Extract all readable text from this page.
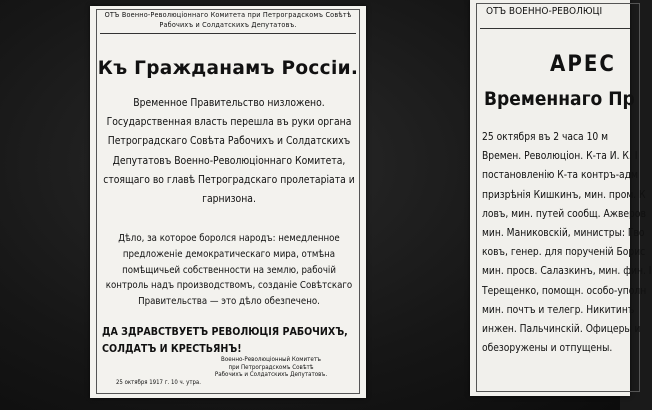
ОТЪ Военно-Революціоннаго Комитета при Петроградскомъ Совѣтѣ
Рабочихъ и Солдатскихъ Депутатовъ.
Къ Гражданамъ Россіи.
Временное Правительство низложено. Государственная власть перешла въ руки органа Петроградскаго Совѣта Рабочихъ и Солдатскихъ Депутатовъ Военно-Революціоннаго Комитета, стоящаго во главѣ Петроградскаго пролетаріата и гарнизона.
Дѣло, за которое боролся народъ: немедленное предложеніе демократическаго мира, отмѣна помѣщичьей собственности на землю, рабочій контроль надъ производствомъ, созданіе Совѣтскаго Правительства — это дѣло обезпечено.
ДА ЗДРАВСТВУЕТЪ РЕВОЛЮЦІЯ РАБОЧИХЪ, СОЛДАТЪ И КРЕСТЬЯНЪ!
Военно-Революціонный Комитетъ
при Петроградскомъ Совѣтѣ
Рабочихъ и Солдатскихъ Депутатовъ.
25 октября 1917 г. 10 ч. утра.
ОТЪ ВОЕННО-РЕВОЛЮЦІ
АРЕС
Временнаго Пр
25 октября въ 2 часа 10 м
Времен. Революціон. К-та И. К. І
постановленію К-та контръ-адм
призрѣнія Кишкинъ, мин. пром. К
ловъ, мин. путей сообщ. Ажверов
мин. Маниковскій, министры: Гво
ковъ, генер. для порученій Борис
мин. просв. Салазкинъ, мин. фин. І
Терещенко, помощн. особо-уполн
мин. почтъ и телегр. Никитинъ
инжен. Пальчинскій. Офицеры и
обезоружены и отпущены.
